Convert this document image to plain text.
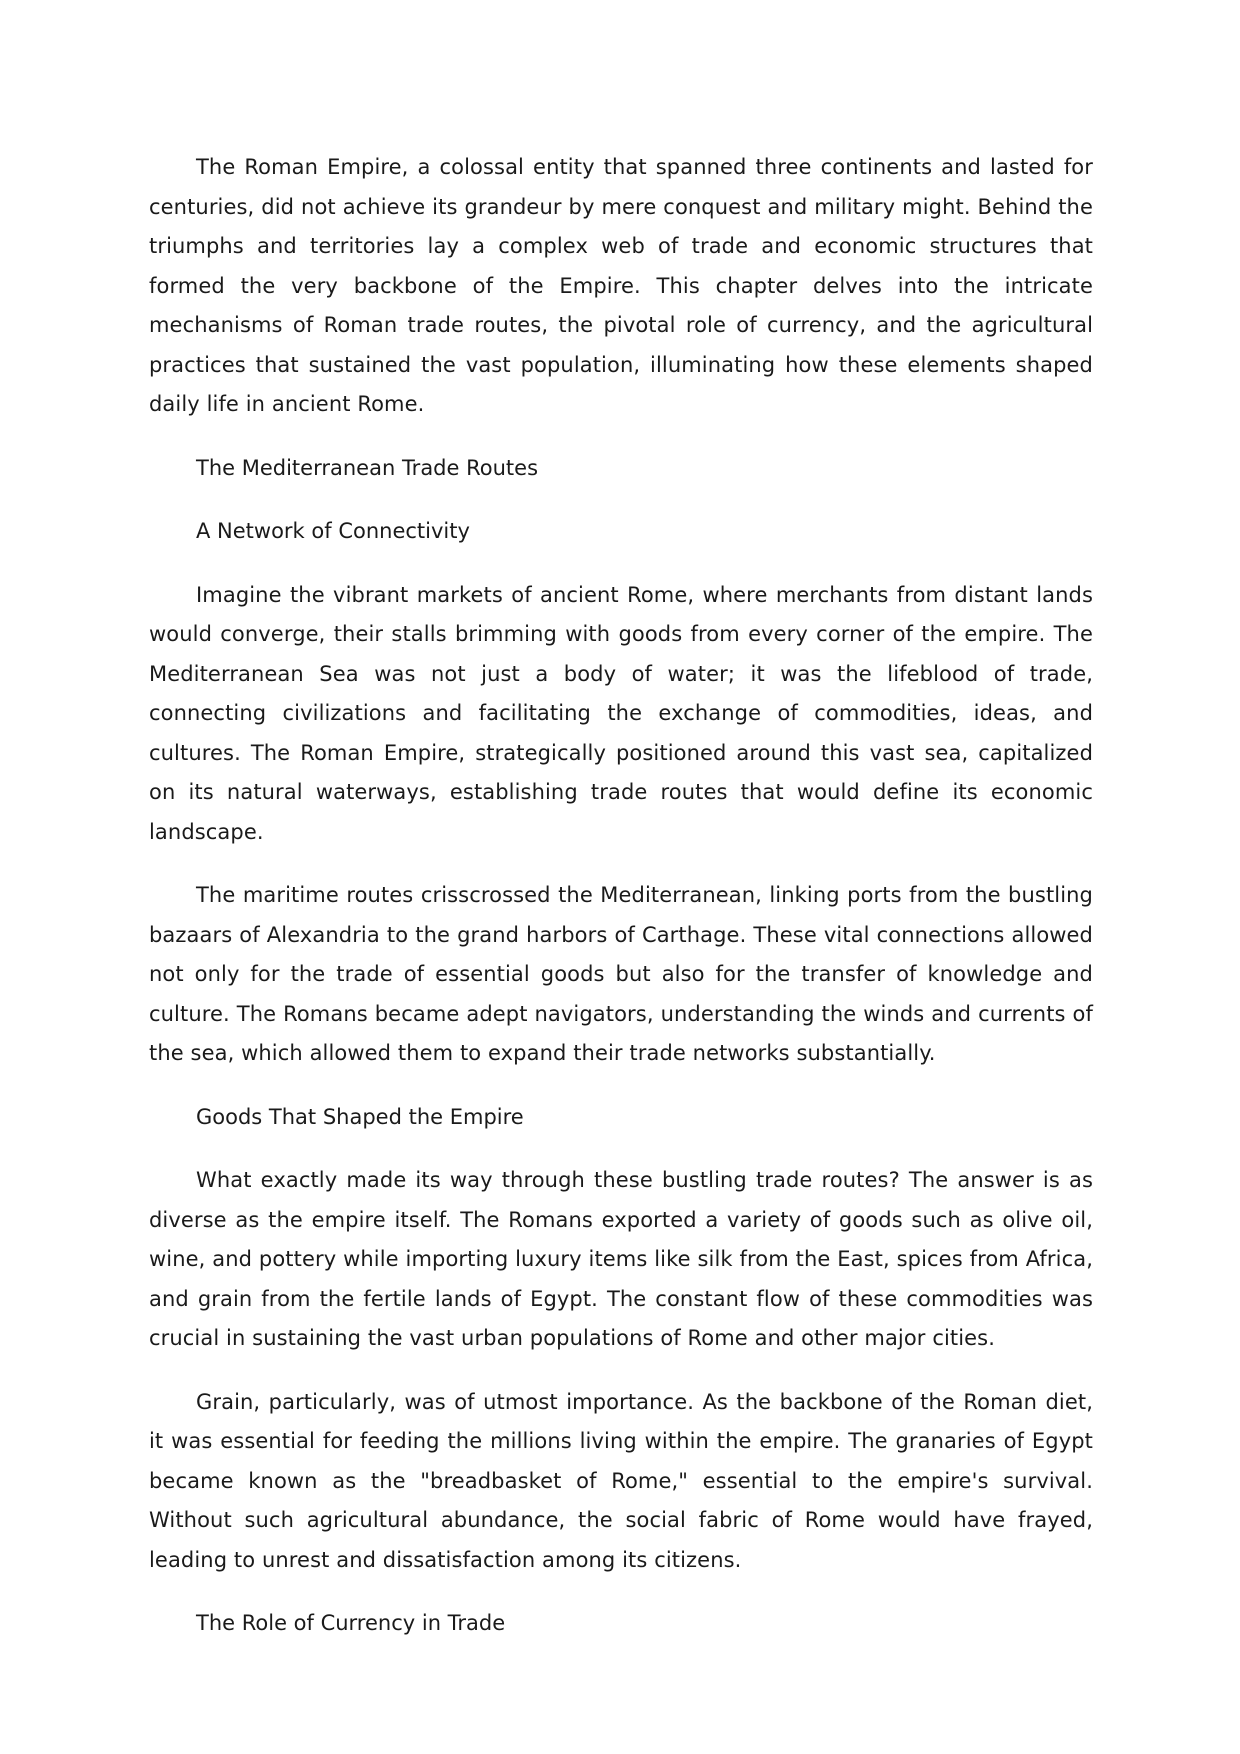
The Roman Empire, a colossal entity that spanned three continents and lasted for centuries, did not achieve its grandeur by mere conquest and military might. Behind the triumphs and territories lay a complex web of trade and economic structures that formed the very backbone of the Empire. This chapter delves into the intricate mechanisms of Roman trade routes, the pivotal role of currency, and the agricultural practices that sustained the vast population, illuminating how these elements shaped daily life in ancient Rome.

The Mediterranean Trade Routes

A Network of Connectivity

Imagine the vibrant markets of ancient Rome, where merchants from distant lands would converge, their stalls brimming with goods from every corner of the empire. The Mediterranean Sea was not just a body of water; it was the lifeblood of trade, connecting civilizations and facilitating the exchange of commodities, ideas, and cultures. The Roman Empire, strategically positioned around this vast sea, capitalized on its natural waterways, establishing trade routes that would define its economic landscape.

The maritime routes crisscrossed the Mediterranean, linking ports from the bustling bazaars of Alexandria to the grand harbors of Carthage. These vital connections allowed not only for the trade of essential goods but also for the transfer of knowledge and culture. The Romans became adept navigators, understanding the winds and currents of the sea, which allowed them to expand their trade networks substantially.

Goods That Shaped the Empire

What exactly made its way through these bustling trade routes? The answer is as diverse as the empire itself. The Romans exported a variety of goods such as olive oil, wine, and pottery while importing luxury items like silk from the East, spices from Africa, and grain from the fertile lands of Egypt. The constant flow of these commodities was crucial in sustaining the vast urban populations of Rome and other major cities.

Grain, particularly, was of utmost importance. As the backbone of the Roman diet, it was essential for feeding the millions living within the empire. The granaries of Egypt became known as the "breadbasket of Rome," essential to the empire's survival. Without such agricultural abundance, the social fabric of Rome would have frayed, leading to unrest and dissatisfaction among its citizens.

The Role of Currency in Trade
